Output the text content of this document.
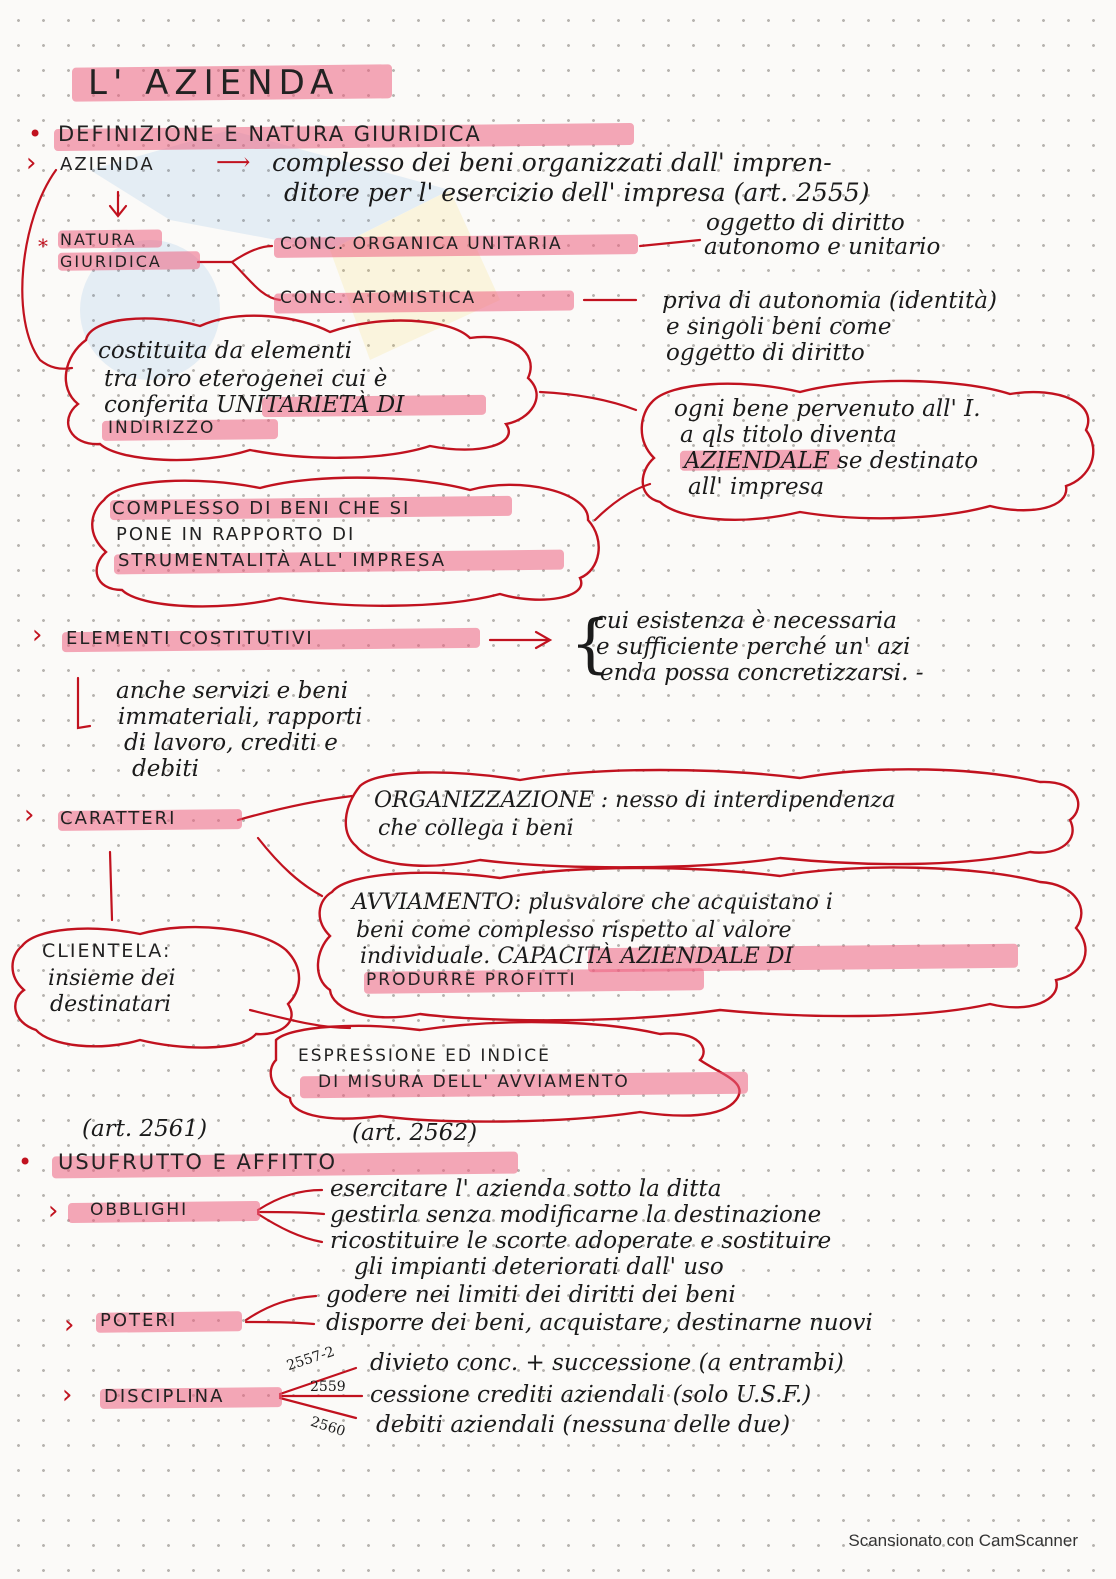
L' AZIENDA
• DEFINIZIONE E NATURA GIURIDICA
› AZIENDA	⟶ complesso dei beni organizzati dall' impren-
ditore per l' esercizio dell' impresa (art. 2555)
* NATURA
GIURIDICA
CONC. ORGANICA UNITARIA
oggetto di diritto
autonomo e unitario
CONC. ATOMISTICA	priva di autonomia (identità)
e singoli beni come
oggetto di diritto
costituita da elementi
tra loro eterogenei cui è
conferita UNITARIETÀ DI
INDIRIZZO
ogni bene pervenuto all' I.
a qls titolo diventa
AZIENDALE se destinato
all' impresa
COMPLESSO DI BENI CHE SI
PONE IN RAPPORTO DI
STRUMENTALITÀ ALL' IMPRESA
› ELEMENTI COSTITUTIVI	{
cui esistenza è necessaria
e sufficiente perché un' azi
enda possa concretizzarsi. -
anche servizi e beni
immateriali, rapporti
di lavoro, crediti e
debiti
› CARATTERI
ORGANIZZAZIONE : nesso di interdipendenza
che collega i beni
AVVIAMENTO: plusvalore che acquistano i
beni come complesso rispetto al valore
individuale. CAPACITÀ AZIENDALE DI
PRODURRE PROFITTI
CLIENTELA:
insieme dei
destinatari
ESPRESSIONE ED INDICE
DI MISURA DELL' AVVIAMENTO
(art. 2561)	(art. 2562)
• USUFRUTTO E AFFITTO
› OBBLIGHI
esercitare l' azienda sotto la ditta
gestirla senza modificarne la destinazione
ricostituire le scorte adoperate e sostituire
gli impianti deteriorati dall' uso
› POTERI
godere nei limiti dei diritti dei beni
disporre dei beni, acquistare, destinarne nuovi
› DISCIPLINA
2557-2
2559
2560
divieto conc. + successione (a entrambi)
cessione crediti aziendali (solo U.S.F.)
debiti aziendali (nessuna delle due)
Scansionato con CamScanner
